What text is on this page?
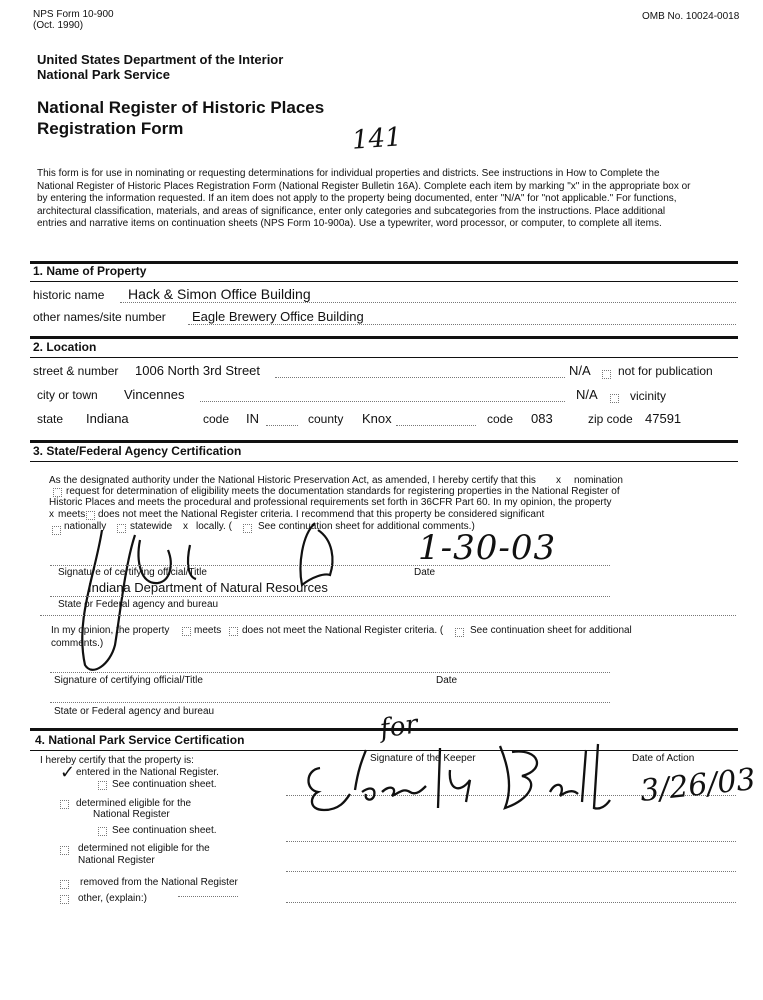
NPS Form 10-900
(Oct. 1990)
OMB No. 10024-0018
United States Department of the Interior
National Park Service
National Register of Historic Places
Registration Form	141
This form is for use in nominating or requesting determinations for individual properties and districts. See instructions in How to Complete the
National Register of Historic Places Registration Form (National Register Bulletin 16A). Complete each item by marking "x" in the appropriate box or
by entering the information requested. If an item does not apply to the property being documented, enter "N/A" for "not applicable." For functions,
architectural classification, materials, and areas of significance, enter only categories and subcategories from the instructions. Place additional
entries and narrative items on continuation sheets (NPS Form 10-900a). Use a typewriter, word processor, or computer, to complete all items.
1. Name of Property
historic name Hack & Simon Office Building
other names/site number Eagle Brewery Office Building
2. Location
street & number 1006 North 3rd Street	N/A not for publication
city or town Vincennes	N/A	vicinity
state Indiana	code IN	county Knox	code 083	zip code 47591
3. State/Federal Agency Certification
As the designated authority under the National Historic Preservation Act, as amended, I hereby certify that this x nomination
request for determination of eligibility meets the documentation standards for registering properties in the National Register of
Historic Places and meets the procedural and professional requirements set forth in 36CFR Part 60. In my opinion, the property
x meets does not meet the National Register criteria. I recommend that this property be considered significant
nationally statewide x locally. (	See continuation sheet for additional comments.)
1-30-03
Signature of certifying official/Title	Date
Indiana Department of Natural Resources
State or Federal agency and bureau
In my opinion, the property meets does not meet the National Register criteria. (	See continuation sheet for additional
comments.)
Signature of certifying official/Title	Date
State or Federal agency and bureau
4. National Park Service Certification
I hereby certify that the property is:
✓ entered in the National Register.
See continuation sheet.
determined eligible for the
National Register
See continuation sheet.
determined not eligible for the
National Register
removed from the National Register
other, (explain:)
Signature of the Keeper	Date of Action
for
3/26/03
